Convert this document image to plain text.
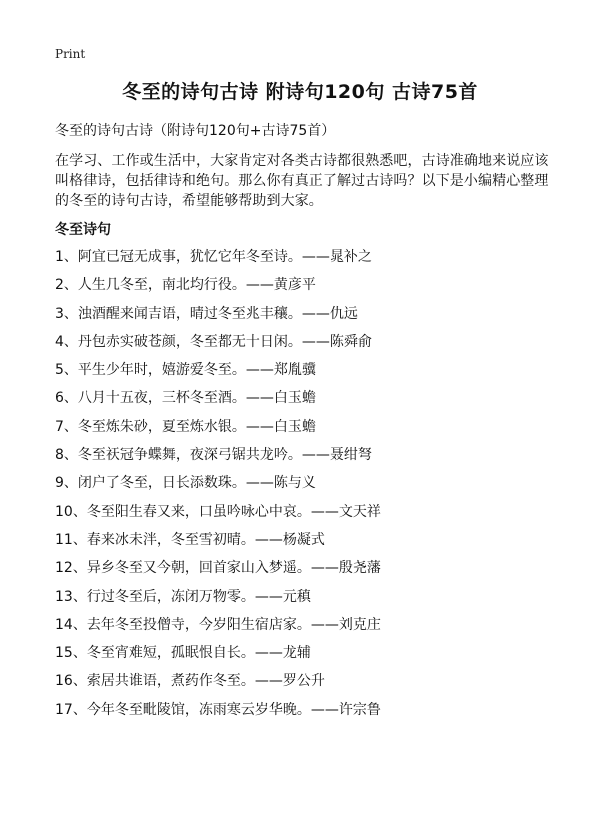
Print
冬至的诗句古诗 附诗句120句 古诗75首
冬至的诗句古诗（附诗句120句+古诗75首）
在学习、工作或生活中，大家肯定对各类古诗都很熟悉吧，古诗准确地来说应该叫格律诗，包括律诗和绝句。那么你有真正了解过古诗吗？以下是小编精心整理的冬至的诗句古诗，希望能够帮助到大家。
冬至诗句
1、阿宜已冠无成事，犹忆它年冬至诗。——晁补之
2、人生几冬至，南北均行役。——黄彦平
3、浊酒醒来闻吉语，晴过冬至兆丰穰。——仇远
4、丹包赤实破苍颜，冬至都无十日闲。——陈舜俞
5、平生少年时，嬉游爱冬至。——郑胤骥
6、八月十五夜，三杯冬至酒。——白玉蟾
7、冬至炼朱砂，夏至炼水银。——白玉蟾
8、冬至祆冠争蝶舞，夜深弓锯共龙吟。——聂绀弩
9、闭户了冬至，日长添数珠。——陈与义
10、冬至阳生春又来，口虽吟咏心中哀。——文天祥
11、春来冰未泮，冬至雪初晴。——杨凝式
12、异乡冬至又今朝，回首家山入梦遥。——殷尧藩
13、行过冬至后，冻闭万物零。——元稹
14、去年冬至投僧寺，今岁阳生宿店家。——刘克庄
15、冬至宵难短，孤眠恨自长。——龙辅
16、索居共谁语，煮药作冬至。——罗公升
17、今年冬至毗陵馆，冻雨寒云岁华晚。——许宗鲁
